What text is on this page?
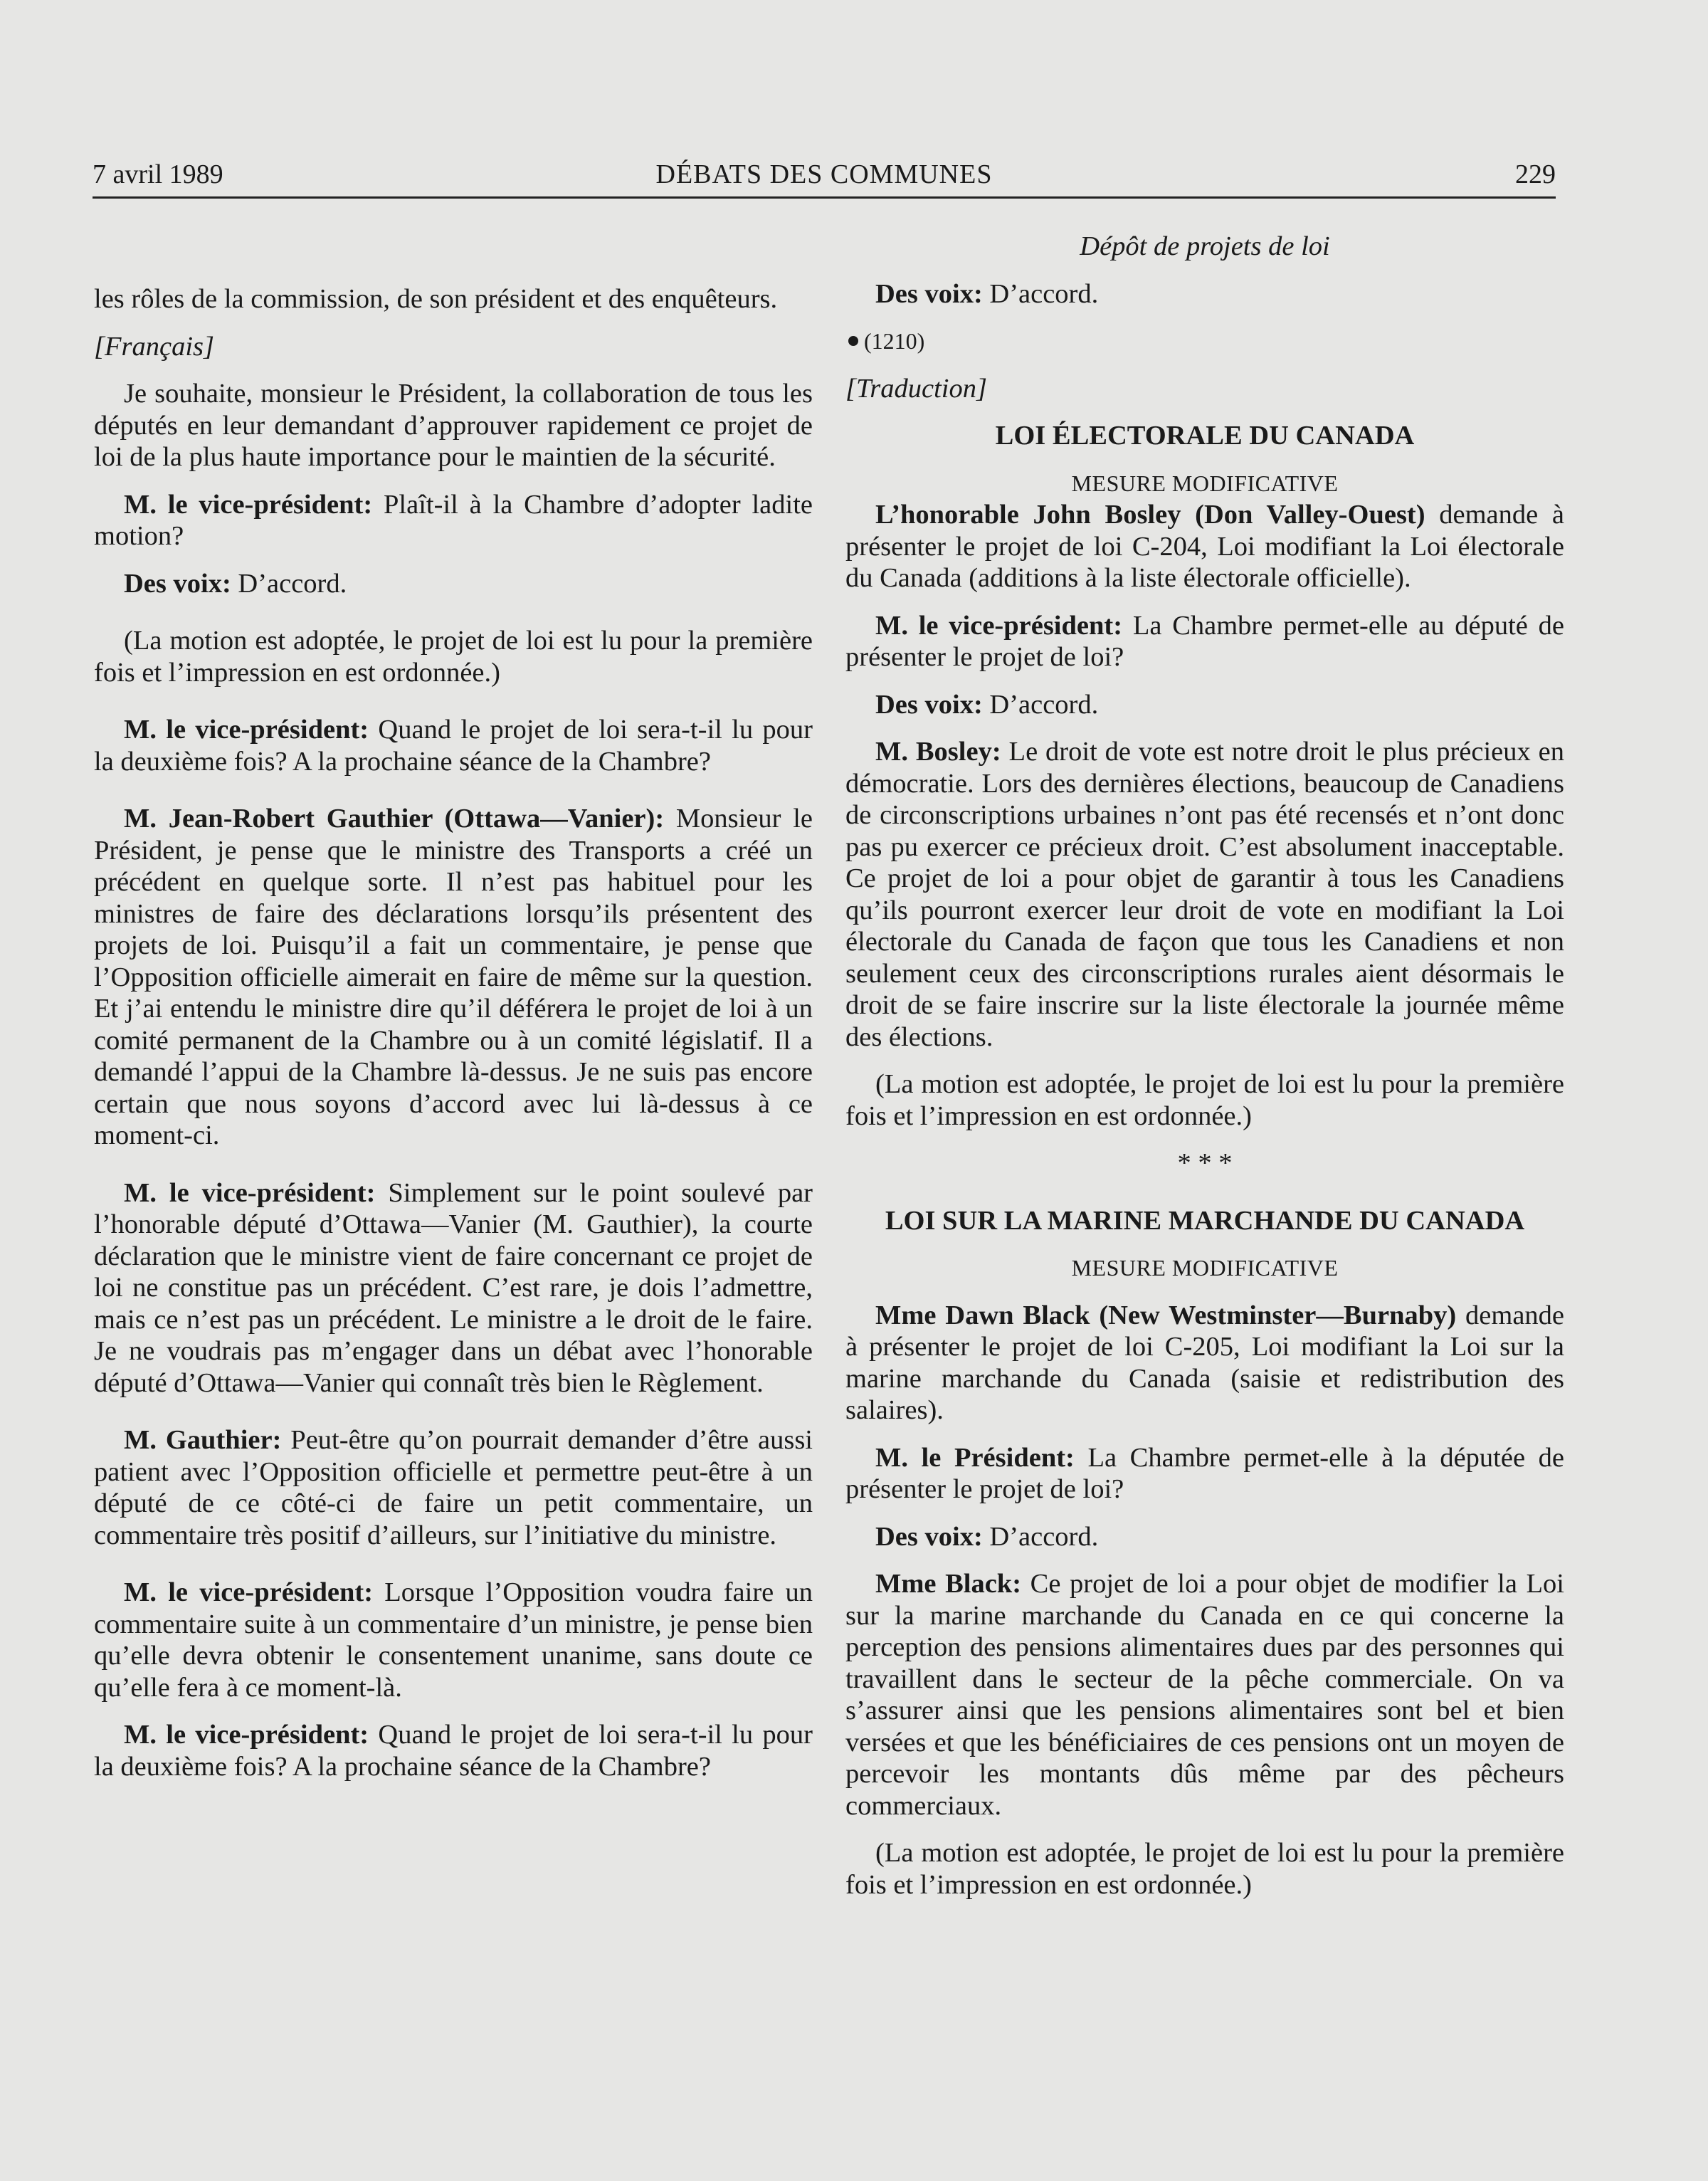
DÉBATS DES COMMUNES
7 avril 1989	229

les rôles de la commission, de son président et des enquêteurs.

[Français]

Je souhaite, monsieur le Président, la collaboration de tous les députés en leur demandant d’approuver rapidement ce projet de loi de la plus haute importance pour le maintien de la sécurité.

M. le vice-président: Plaît-il à la Chambre d’adopter ladite motion?

Des voix: D’accord.

(La motion est adoptée, le projet de loi est lu pour la première fois et l’impression en est ordonnée.)

M. le vice-président: Quand le projet de loi sera-t-il lu pour la deuxième fois? A la prochaine séance de la Chambre?

M. Jean-Robert Gauthier (Ottawa—Vanier): Monsieur le Président, je pense que le ministre des Transports a créé un précédent en quelque sorte. Il n’est pas habituel pour les ministres de faire des déclarations lorsqu’ils présentent des projets de loi. Puisqu’il a fait un commentaire, je pense que l’Opposition officielle aimerait en faire de même sur la question. Et j’ai entendu le ministre dire qu’il déférera le projet de loi à un comité permanent de la Chambre ou à un comité législatif. Il a demandé l’appui de la Chambre là-dessus. Je ne suis pas encore certain que nous soyons d’accord avec lui là-dessus à ce moment-ci.

M. le vice-président: Simplement sur le point soulevé par l’honorable député d’Ottawa—Vanier (M. Gauthier), la courte déclaration que le ministre vient de faire concernant ce projet de loi ne constitue pas un précédent. C’est rare, je dois l’admettre, mais ce n’est pas un précédent. Le ministre a le droit de le faire. Je ne voudrais pas m’engager dans un débat avec l’honorable député d’Ottawa—Vanier qui connaît très bien le Règlement.

M. Gauthier: Peut-être qu’on pourrait demander d’être aussi patient avec l’Opposition officielle et permettre peut-être à un député de ce côté-ci de faire un petit commentaire, un commentaire très positif d’ailleurs, sur l’initiative du ministre.

M. le vice-président: Lorsque l’Opposition voudra faire un commentaire suite à un commentaire d’un ministre, je pense bien qu’elle devra obtenir le consentement unanime, sans doute ce qu’elle fera à ce moment-là.

M. le vice-président: Quand le projet de loi sera-t-il lu pour la deuxième fois? A la prochaine séance de la Chambre?

Dépôt de projets de loi

Des voix: D’accord.

(1210)

[Traduction]

LOI ÉLECTORALE DU CANADA

MESURE MODIFICATIVE

L’honorable John Bosley (Don Valley-Ouest) demande à présenter le projet de loi C-204, Loi modifiant la Loi électorale du Canada (additions à la liste électorale officielle).

M. le vice-président: La Chambre permet-elle au député de présenter le projet de loi?

Des voix: D’accord.

M. Bosley: Le droit de vote est notre droit le plus précieux en démocratie. Lors des dernières élections, beaucoup de Canadiens de circonscriptions urbaines n’ont pas été recensés et n’ont donc pas pu exercer ce précieux droit. C’est absolument inacceptable. Ce projet de loi a pour objet de garantir à tous les Canadiens qu’ils pourront exercer leur droit de vote en modifiant la Loi électorale du Canada de façon que tous les Canadiens et non seulement ceux des circonscriptions rurales aient désormais le droit de se faire inscrire sur la liste électorale la journée même des élections.

(La motion est adoptée, le projet de loi est lu pour la première fois et l’impression en est ordonnée.)

* * *

LOI SUR LA MARINE MARCHANDE DU CANADA

MESURE MODIFICATIVE

Mme Dawn Black (New Westminster—Burnaby) demande à présenter le projet de loi C-205, Loi modifiant la Loi sur la marine marchande du Canada (saisie et redistribution des salaires).

M. le Président: La Chambre permet-elle à la députée de présenter le projet de loi?

Des voix: D’accord.

Mme Black: Ce projet de loi a pour objet de modifier la Loi sur la marine marchande du Canada en ce qui concerne la perception des pensions alimentaires dues par des personnes qui travaillent dans le secteur de la pêche commerciale. On va s’assurer ainsi que les pensions alimentaires sont bel et bien versées et que les bénéficiaires de ces pensions ont un moyen de percevoir les montants dûs même par des pêcheurs commerciaux.

(La motion est adoptée, le projet de loi est lu pour la première fois et l’impression en est ordonnée.)
